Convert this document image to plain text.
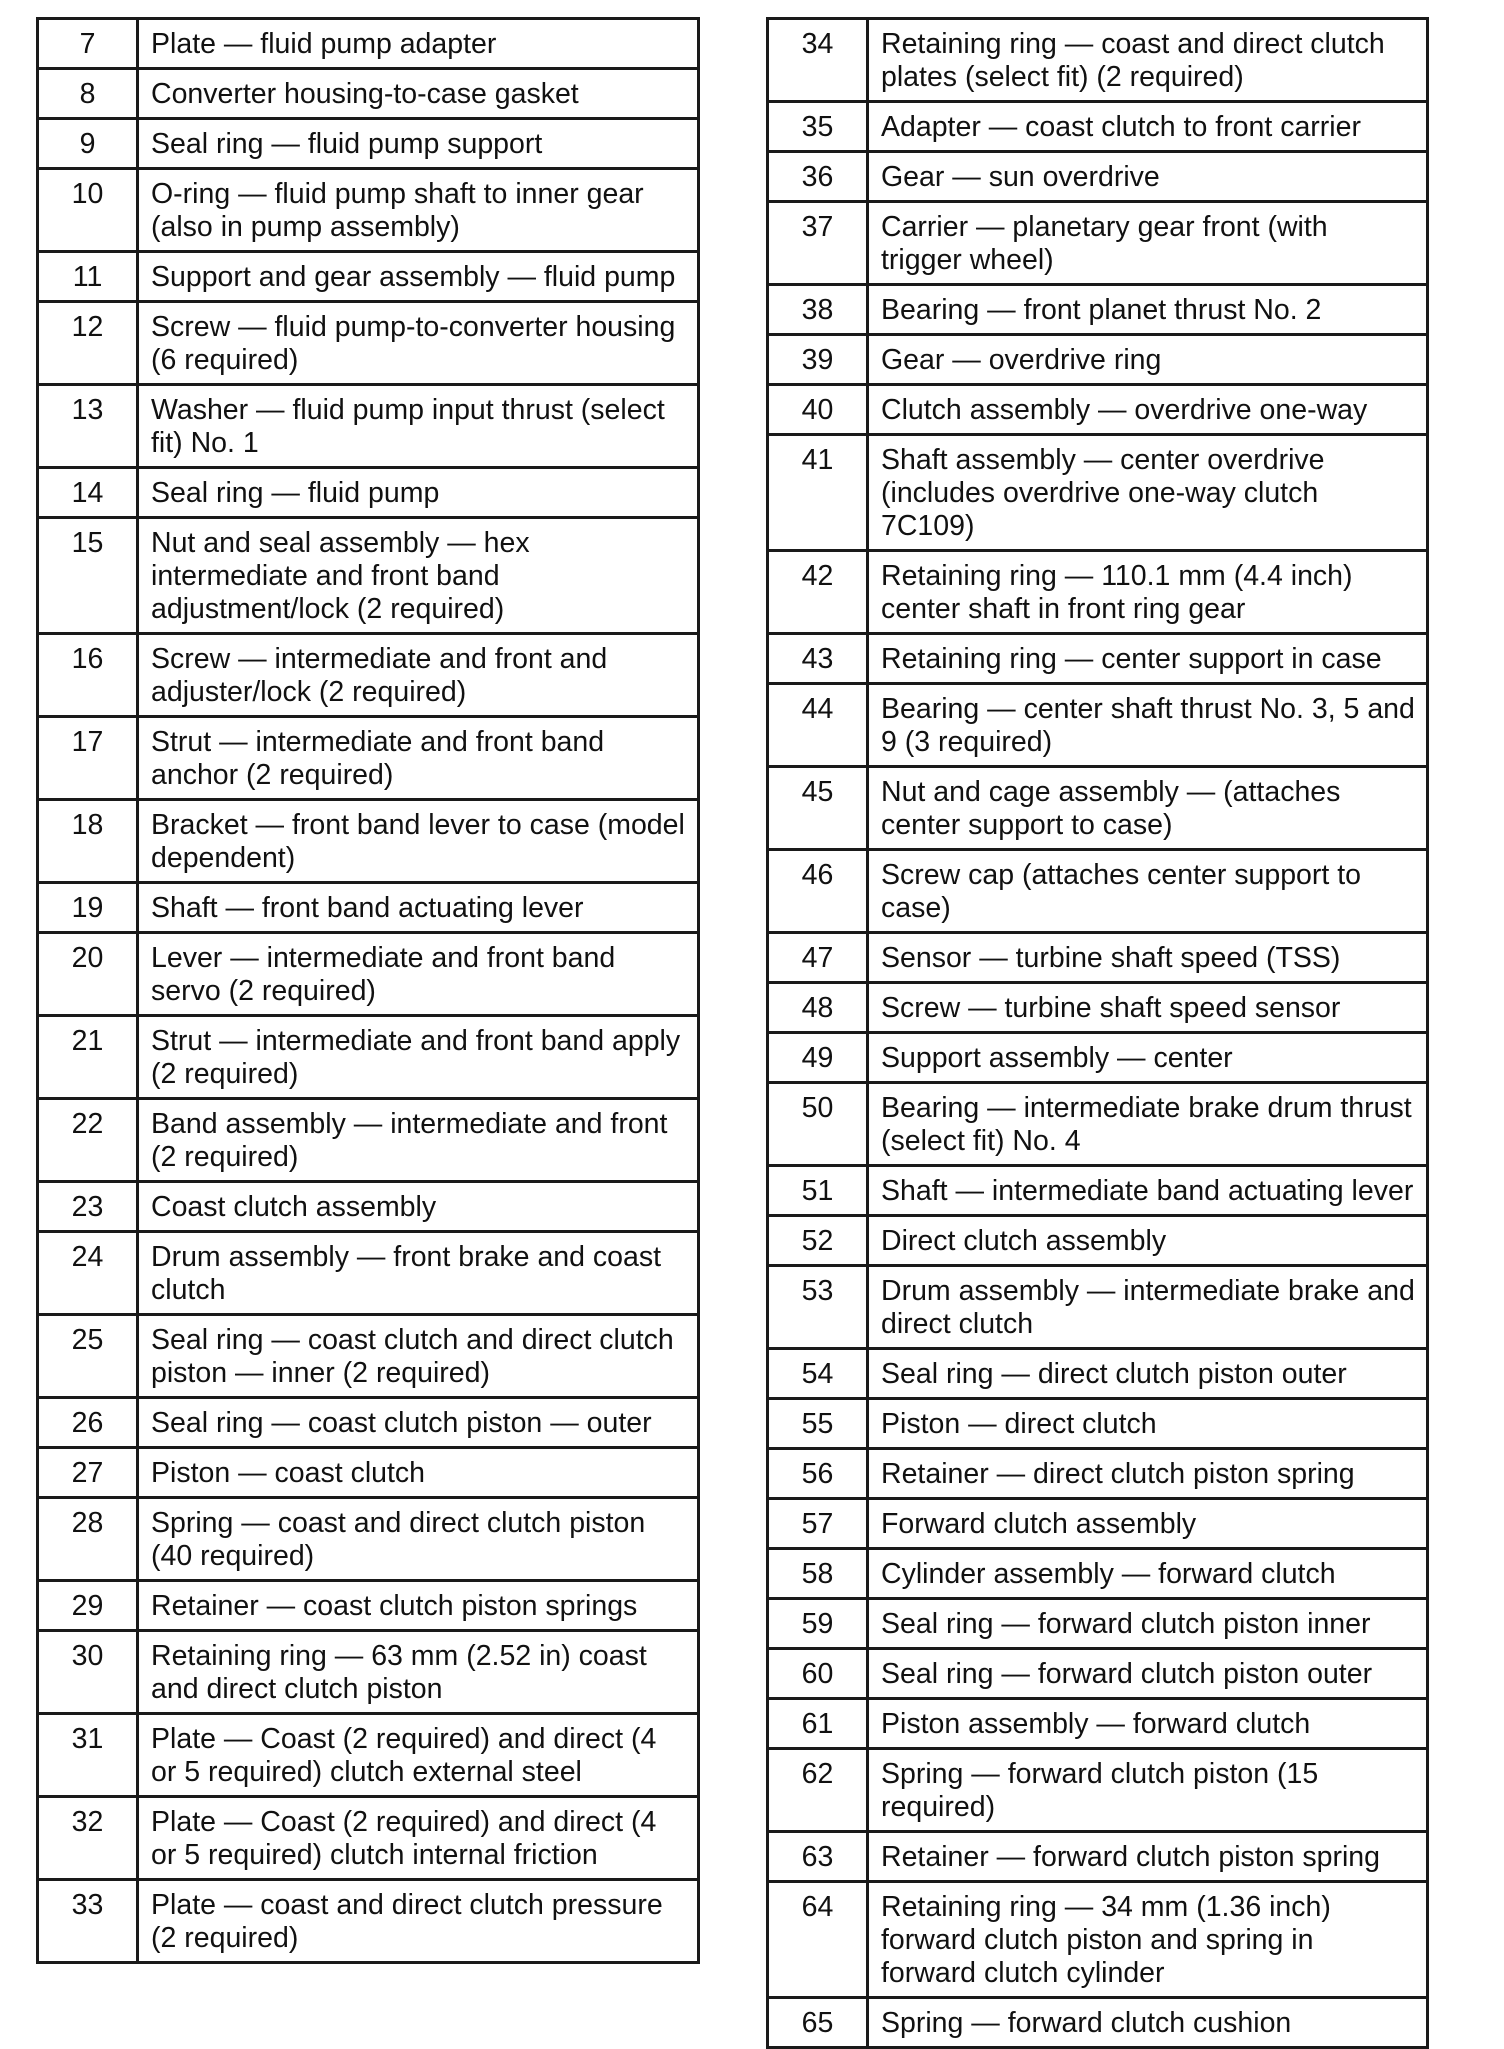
7	Plate — fluid pump adapter
8	Converter housing-to-case gasket
9	Seal ring — fluid pump support
10	O-ring — fluid pump shaft to inner gear (also in pump assembly)
11	Support and gear assembly — fluid pump
12	Screw — fluid pump-to-converter housing (6 required)
13	Washer — fluid pump input thrust (select fit) No. 1
14	Seal ring — fluid pump
15	Nut and seal assembly — hex intermediate and front band adjustment/lock (2 required)
16	Screw — intermediate and front and adjuster/lock (2 required)
17	Strut — intermediate and front band anchor (2 required)
18	Bracket — front band lever to case (model dependent)
19	Shaft — front band actuating lever
20	Lever — intermediate and front band servo (2 required)
21	Strut — intermediate and front band apply (2 required)
22	Band assembly — intermediate and front (2 required)
23	Coast clutch assembly
24	Drum assembly — front brake and coast clutch
25	Seal ring — coast clutch and direct clutch piston — inner (2 required)
26	Seal ring — coast clutch piston — outer
27	Piston — coast clutch
28	Spring — coast and direct clutch piston (40 required)
29	Retainer — coast clutch piston springs
30	Retaining ring — 63 mm (2.52 in) coast and direct clutch piston
31	Plate — Coast (2 required) and direct (4 or 5 required) clutch external steel
32	Plate — Coast (2 required) and direct (4 or 5 required) clutch internal friction
33	Plate — coast and direct clutch pressure (2 required)
34	Retaining ring — coast and direct clutch plates (select fit) (2 required)
35	Adapter — coast clutch to front carrier
36	Gear — sun overdrive
37	Carrier — planetary gear front (with trigger wheel)
38	Bearing — front planet thrust No. 2
39	Gear — overdrive ring
40	Clutch assembly — overdrive one-way
41	Shaft assembly — center overdrive (includes overdrive one-way clutch 7C109)
42	Retaining ring — 110.1 mm (4.4 inch) center shaft in front ring gear
43	Retaining ring — center support in case
44	Bearing — center shaft thrust No. 3, 5 and 9 (3 required)
45	Nut and cage assembly — (attaches center support to case)
46	Screw cap (attaches center support to case)
47	Sensor — turbine shaft speed (TSS)
48	Screw — turbine shaft speed sensor
49	Support assembly — center
50	Bearing — intermediate brake drum thrust (select fit) No. 4
51	Shaft — intermediate band actuating lever
52	Direct clutch assembly
53	Drum assembly — intermediate brake and direct clutch
54	Seal ring — direct clutch piston outer
55	Piston — direct clutch
56	Retainer — direct clutch piston spring
57	Forward clutch assembly
58	Cylinder assembly — forward clutch
59	Seal ring — forward clutch piston inner
60	Seal ring — forward clutch piston outer
61	Piston assembly — forward clutch
62	Spring — forward clutch piston (15 required)
63	Retainer — forward clutch piston spring
64	Retaining ring — 34 mm (1.36 inch) forward clutch piston and spring in forward clutch cylinder
65	Spring — forward clutch cushion
